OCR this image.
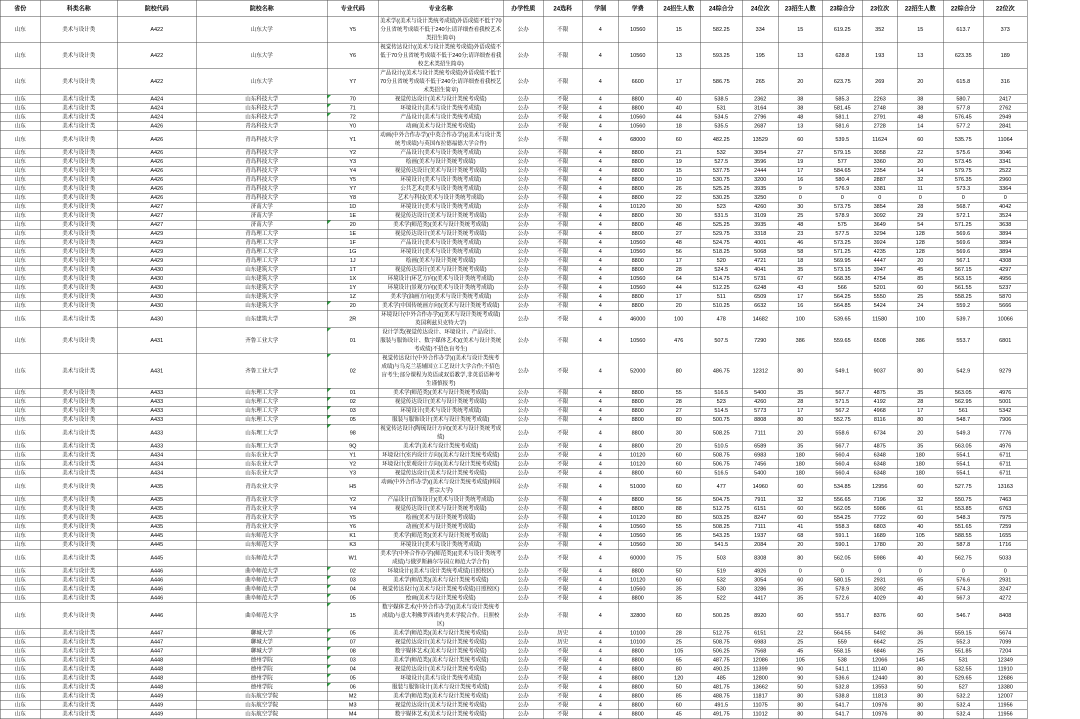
省份	科类名称	院校代码	院校名称	专业代码	专业名称	办学性质	24选科	学制	学费	24招生人数	24综合分	24位次	23招生人数	23综合分	23位次	22招生人数	22综合分	22位次
山东	美术与设计类	A422	山东大学	Y5	美术学((美术与设计类统考成绩)外语成绩不低于70分且省统考成绩不低于240分;请详细查看我校艺术类招生简章)	公办	不限	4	10560	15	582.25	334	15	619.25	352	15	613.7	373
山东	美术与设计类	A422	山东大学	Y6	视觉传达设计((美术与设计类统考成绩)外语成绩不低于70分且省统考成绩不低于240分;请详细查看我校艺术类招生简章)	公办	不限	4	10560	13	593.25	195	13	628.8	193	13	623.35	189
山东	美术与设计类	A422	山东大学	Y7	产品设计((美术与设计类统考成绩)外语成绩不低于70分且省统考成绩不低于240分;请详细查看我校艺术类招生简章)	公办	不限	4	6600	17	586.75	265	20	623.75	269	20	615.8	316
山东	美术与设计类	A424	山东科技大学	70	视觉传达设计(美术与设计类统考成绩)	公办	不限	4	8800	40	538.5	2362	38	585.3	2263	38	580.7	2417
山东	美术与设计类	A424	山东科技大学	71	环境设计(美术与设计类统考成绩)	公办	不限	4	8800	40	531	3164	38	581.45	2748	38	577.8	2762
山东	美术与设计类	A424	山东科技大学	72	产品设计(美术与设计类统考成绩)	公办	不限	4	10560	44	534.5	2796	48	581.1	2791	48	576.45	2949
山东	美术与设计类	A426	青岛科技大学	Y0	动画(美术与设计类统考成绩)	公办	不限	4	10560	18	535.5	2687	13	581.6	2728	14	577.2	2841
山东	美术与设计类	A426	青岛科技大学	Y1	动画(中外合作办学)(中英合作办学)((美术与设计类统考成绩)与英国布拉德福德大学合作)	公办	不限	4	68000	60	482.25	13529	60	539.5	11624	60	535.75	11064
山东	美术与设计类	A426	青岛科技大学	Y2	产品设计(美术与设计类统考成绩)	公办	不限	4	8800	21	532	3054	27	579.15	3058	22	575.6	3046
山东	美术与设计类	A426	青岛科技大学	Y3	绘画(美术与设计类统考成绩)	公办	不限	4	8800	19	527.5	3596	19	577	3360	20	573.45	3341
山东	美术与设计类	A426	青岛科技大学	Y4	视觉传达设计(美术与设计类统考成绩)	公办	不限	4	8800	15	537.75	2444	17	584.65	2354	14	579.75	2522
山东	美术与设计类	A426	青岛科技大学	Y5	环境设计(美术与设计类统考成绩)	公办	不限	4	8800	10	530.75	3200	16	580.4	2887	32	576.35	2960
山东	美术与设计类	A426	青岛科技大学	Y7	公共艺术(美术与设计类统考成绩)	公办	不限	4	8800	26	525.25	3935	9	576.9	3381	11	573.3	3364
山东	美术与设计类	A426	青岛科技大学	Y8	艺术与科技(美术与设计类统考成绩)	公办	不限	4	8800	22	530.25	3250	0	0	0	0	0	0
山东	美术与设计类	A427	济南大学	1D	环境设计(美术与设计类统考成绩)	公办	不限	4	10120	30	523	4260	30	573.75	3854	28	568.7	4042
山东	美术与设计类	A427	济南大学	1E	视觉传达设计(美术与设计类统考成绩)	公办	不限	4	8800	30	531.5	3109	25	578.9	3092	29	572.1	3524
山东	美术与设计类	A427	济南大学	20	美术学(师范类)(美术与设计类统考成绩)	公办	不限	4	8800	48	525.25	3935	48	575	3649	54	571.25	3638
山东	美术与设计类	A429	青岛理工大学	1E	视觉传达设计(美术与设计类统考成绩)	公办	不限	4	8800	27	529.75	3318	23	577.5	3294	128	569.6	3894
山东	美术与设计类	A429	青岛理工大学	1F	产品设计(美术与设计类统考成绩)	公办	不限	4	10560	48	524.75	4001	46	573.25	3924	128	569.6	3894
山东	美术与设计类	A429	青岛理工大学	1G	环境设计(美术与设计类统考成绩)	公办	不限	4	10560	56	518.25	5068	58	571.25	4235	128	569.6	3894
山东	美术与设计类	A429	青岛理工大学	1J	绘画(美术与设计类统考成绩)	公办	不限	4	8800	17	520	4721	18	569.95	4447	20	567.1	4308
山东	美术与设计类	A430	山东建筑大学	1T	视觉传达设计(美术与设计类统考成绩)	公办	不限	4	8800	28	524.5	4041	35	573.15	3947	45	567.15	4297
山东	美术与设计类	A430	山东建筑大学	1X	环境设计(环艺方向)(美术与设计类统考成绩)	公办	不限	4	10560	64	514.75	5731	67	568.35	4754	85	563.15	4956
山东	美术与设计类	A430	山东建筑大学	1Y	环境设计(景观方向)(美术与设计类统考成绩)	公办	不限	4	10560	44	512.25	6248	43	566	5201	60	561.55	5237
山东	美术与设计类	A430	山东建筑大学	1Z	美术学(油画方向)(美术与设计类统考成绩)	公办	不限	4	8800	17	511	6509	17	564.25	5550	25	558.25	5870
山东	美术与设计类	A430	山东建筑大学	20	美术学(中国传统画方向)(美术与设计类统考成绩)	公办	不限	4	8800	20	510.25	6632	16	564.85	5424	24	559.2	5666
山东	美术与设计类	A430	山东建筑大学	2R	环境设计(中外合作办学)((美术与设计类统考成绩)英国利兹贝克特大学)	公办	不限	4	46000	100	478	14682	100	539.65	11580	100	539.7	10066
山东	美术与设计类	A431	齐鲁工业大学	01	设计学类(视觉传达设计、环境设计、产品设计、服装与服饰设计、数字媒体艺术)((美术与设计类统考成绩)不招色盲考生)	公办	不限	4	10560	476	507.5	7290	386	559.65	6508	386	553.7	6801
山东	美术与设计类	A431	齐鲁工业大学	02	视觉传达设计(中外合作办学)((美术与设计类统考成绩)与乌克兰基辅国立工艺设计大学合作;不招色盲考生;部分课程为英语或双语教学,非英语语种考生谨慎报考)	公办	不限	4	52000	80	486.75	12312	80	549.1	9037	80	542.9	9279
山东	美术与设计类	A433	山东理工大学	01	美术学(师范类)(美术与设计类统考成绩)	公办	不限	4	8800	55	516.5	5400	35	567.7	4875	35	563.05	4976
山东	美术与设计类	A433	山东理工大学	02	视觉传达设计(美术与设计类统考成绩)	公办	不限	4	8800	28	523	4260	28	571.5	4192	28	562.95	5001
山东	美术与设计类	A433	山东理工大学	03	环境设计(美术与设计类统考成绩)	公办	不限	4	8800	27	514.5	5773	17	567.2	4968	17	561	5342
山东	美术与设计类	A433	山东理工大学	05	服装与服饰设计(美术与设计类统考成绩)	公办	不限	4	8800	80	500.75	8808	80	552.75	8116	80	548.7	7906
山东	美术与设计类	A433	山东理工大学	98	视觉传达设计(陶琉设计方向)(美术与设计类统考成绩)	公办	不限	4	8800	30	508.25	7111	20	558.6	6734	20	549.3	7776
山东	美术与设计类	A433	山东理工大学	9Q	美术学(美术与设计类统考成绩)	公办	不限	4	8800	20	510.5	6589	35	567.7	4875	35	563.05	4976
山东	美术与设计类	A434	山东农业大学	Y1	环境设计(室内设计方向)(美术与设计类统考成绩)	公办	不限	4	10120	60	508.75	6983	180	560.4	6348	180	554.1	6711
山东	美术与设计类	A434	山东农业大学	Y2	环境设计(景观设计方向)(美术与设计类统考成绩)	公办	不限	4	10120	60	506.75	7456	180	560.4	6348	180	554.1	6711
山东	美术与设计类	A434	山东农业大学	Y3	视觉传达设计(美术与设计类统考成绩)	公办	不限	4	8800	60	516.5	5400	180	560.4	6348	180	554.1	6711
山东	美术与设计类	A435	青岛农业大学	H5	动画(中外合作办学)((美术与设计类统考成绩)韩国世宗大学)	公办	不限	4	51000	60	477	14960	60	534.85	12956	60	527.75	13163
山东	美术与设计类	A435	青岛农业大学	Y2	产品设计(首饰设计)(美术与设计类统考成绩)	公办	不限	4	8800	56	504.75	7911	32	556.65	7196	32	550.75	7463
山东	美术与设计类	A435	青岛农业大学	Y4	视觉传达设计(美术与设计类统考成绩)	公办	不限	4	8800	88	512.75	6151	60	562.05	5986	61	553.85	6763
山东	美术与设计类	A435	青岛农业大学	Y5	绘画(美术与设计类统考成绩)	公办	不限	4	10120	80	503.25	8247	60	554.25	7722	60	548.3	7975
山东	美术与设计类	A435	青岛农业大学	Y6	动画(美术与设计类统考成绩)	公办	不限	4	10560	55	508.25	7111	41	558.3	6803	40	551.65	7259
山东	美术与设计类	A445	山东师范大学	K1	美术学(师范类)(美术与设计类统考成绩)	公办	不限	4	10560	95	543.25	1937	68	591.1	1689	105	588.55	1655
山东	美术与设计类	A445	山东师范大学	K3	环境设计(美术与设计类统考成绩)	公办	不限	4	10560	30	541.5	2084	20	590.1	1780	20	587.8	1716
山东	美术与设计类	A445	山东师范大学	W1	美术学(中外合作办学)(师范类)((美术与设计类统考成绩)与俄罗斯赫尔岑国立师范大学合作)	公办	不限	4	60000	75	503	8308	80	562.05	5986	40	562.75	5033
山东	美术与设计类	A446	曲阜师范大学	02	环境设计((美术与设计类统考成绩)日照校区)	公办	不限	4	8800	50	519	4926	0	0	0	0	0	0
山东	美术与设计类	A446	曲阜师范大学	03	美术学(师范类)(美术与设计类统考成绩)	公办	不限	4	10120	60	532	3054	60	580.15	2931	65	576.6	2931
山东	美术与设计类	A446	曲阜师范大学	04	视觉传达设计((美术与设计类统考成绩)日照校区)	公办	不限	4	10560	35	530	3286	35	578.9	3092	45	574.3	3247
山东	美术与设计类	A446	曲阜师范大学	05	绘画(美术与设计类统考成绩)	公办	不限	4	8800	35	522	4417	35	572.6	4029	40	567.3	4272
山东	美术与设计类	A446	曲阜师范大学	15	数字媒体艺术(中外合作办学)((美术与设计类统考成绩)与意大利佛罗西诺内美术学院合作。日照校区)	公办	不限	4	32800	60	500.25	8920	60	551.7	8376	60	546.7	8408
山东	美术与设计类	A447	聊城大学	05	美术学(师范类)(美术与设计类统考成绩)	公办	历史	4	10100	28	512.75	6151	22	564.55	5492	36	559.15	5674
山东	美术与设计类	A447	聊城大学	07	视觉传达设计(美术与设计类统考成绩)	公办	历史	4	10100	25	508.75	6983	25	559	6642	25	552.3	7099
山东	美术与设计类	A447	聊城大学	08	数字媒体艺术(美术与设计类统考成绩)	公办	不限	4	8800	105	506.25	7568	45	558.15	6846	25	551.85	7204
山东	美术与设计类	A448	德州学院	03	美术学(师范类)(美术与设计类统考成绩)	公办	不限	4	8800	65	487.75	12086	105	538	12066	145	531	12349
山东	美术与设计类	A448	德州学院	04	视觉传达设计(美术与设计类统考成绩)	公办	不限	4	8800	80	490.25	11399	90	541.1	11140	80	532.55	11910
山东	美术与设计类	A448	德州学院	05	环境设计(美术与设计类统考成绩)	公办	不限	4	8800	120	485	12800	90	536.6	12440	80	529.65	12686
山东	美术与设计类	A448	德州学院	06	服装与服饰设计(美术与设计类统考成绩)	公办	不限	4	8800	50	481.75	13662	50	532.8	13553	50	527	13380
山东	美术与设计类	A449	山东航空学院	M2	美术学(师范类)(美术与设计类统考成绩)	公办	不限	4	8800	85	488.75	11817	80	538.8	11813	80	532.2	12007
山东	美术与设计类	A449	山东航空学院	M3	视觉传达设计(美术与设计类统考成绩)	公办	不限	4	8800	60	491.5	11075	80	541.7	10976	80	532.4	11956
山东	美术与设计类	A449	山东航空学院	M4	数字媒体艺术(美术与设计类统考成绩)	公办	不限	4	8800	45	491.75	11012	80	541.7	10976	80	532.4	11956
